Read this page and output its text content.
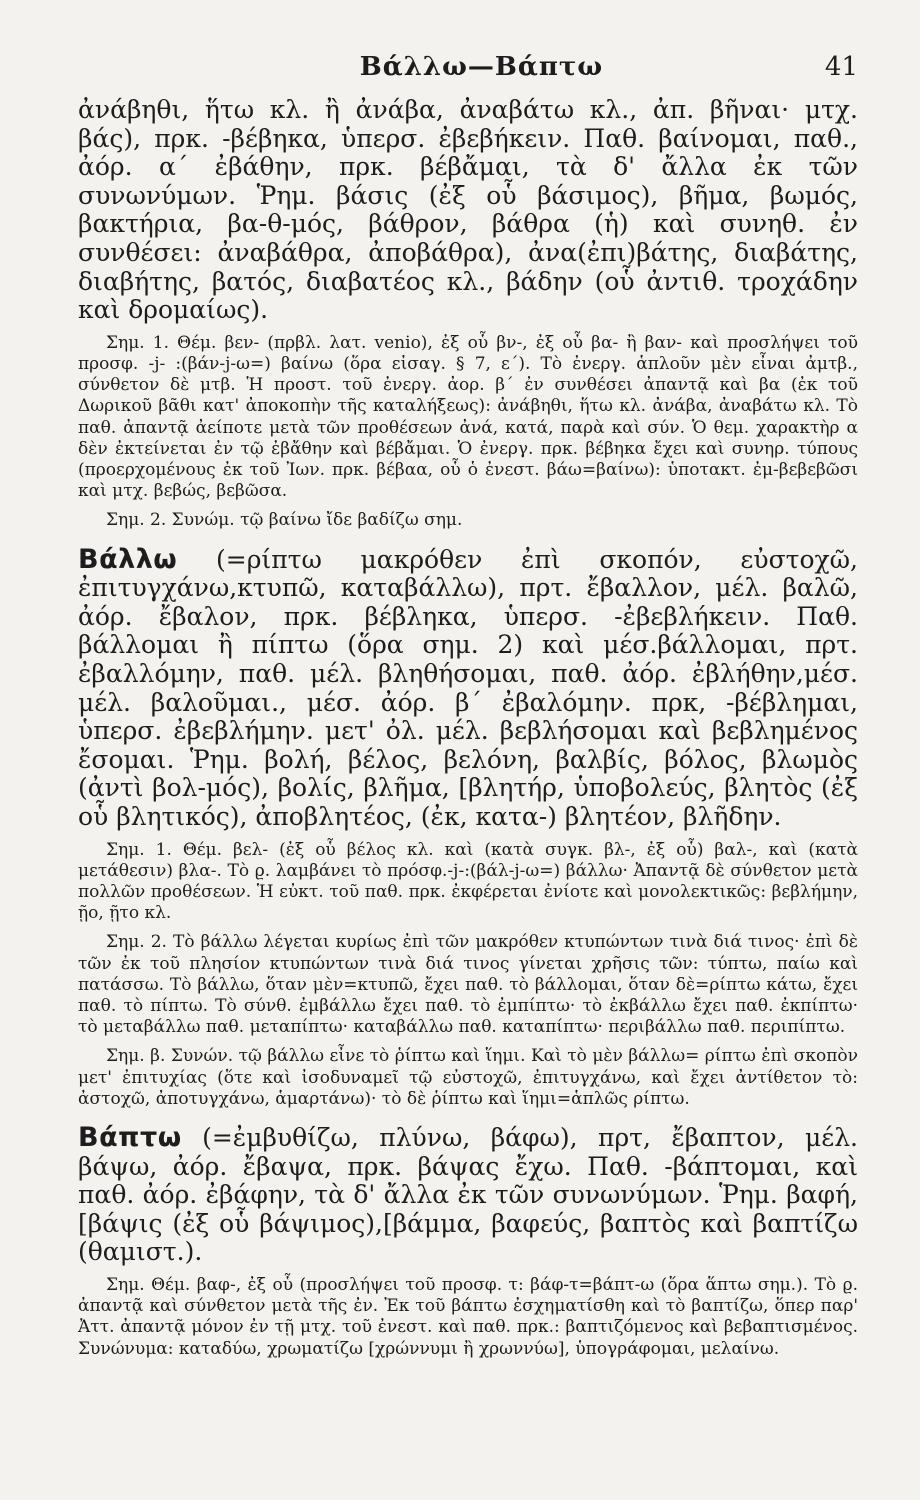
Βάλλω—Βάπτω	41

ἀνάβηθι, ἥτω κλ. ἢ ἀνάβα, ἀναβάτω κλ., ἀπ. βῆναι· μτχ. βάς), πρκ. -βέβηκα, ὑπερσ. ἐβεβήκειν. Παθ. βαίνομαι, παθ., ἀόρ. α΄ ἐβάθην, πρκ. βέβἄμαι, τὰ δ' ἄλλα ἐκ τῶν συνωνύμων. Ῥημ. βάσις (ἐξ οὗ βάσιμος), βῆμα, βωμός, βακτήρια, βα-θ-μός, βάθρον, βάθρα (ἡ) καὶ συνηθ. ἐν συνθέσει: ἀναβάθρα, ἀποβάθρα), ἀνα(ἐπι)βάτης, διαβάτης, διαβήτης, βατός, διαβατέος κλ., βάδην (οὗ ἀντιθ. τροχάδην καὶ δρομαίως).

Σημ. 1. Θέμ. βεν- (πρβλ. λατ. venio), ἐξ οὗ βν-, ἐξ οὗ βα- ἢ βαν- καὶ προσλήψει τοῦ προσφ. -j- :(βάν-j-ω=) βαίνω (ὅρα εἰσαγ. § 7, ε΄). Τὸ ἐνεργ. ἁπλοῦν μὲν εἶναι ἀμτβ., σύνθετον δὲ μτβ. Ἡ προστ. τοῦ ἐνεργ. ἀορ. β΄ ἐν συνθέσει ἀπαντᾷ καὶ βα (ἐκ τοῦ Δωρικοῦ βᾶθι κατ' ἀποκοπὴν τῆς καταλήξεως): ἀνάβηθι, ἥτω κλ. ἀνάβα, ἀναβάτω κλ. Τὸ παθ. ἀπαντᾷ ἀείποτε μετὰ τῶν προθέσεων ἀνά, κατά, παρὰ καὶ σύν. Ὁ θεμ. χαρακτὴρ α δὲν ἐκτείνεται ἐν τῷ ἐβἄθην καὶ βέβἄμαι. Ὁ ἐνεργ. πρκ. βέβηκα ἔχει καὶ συνηρ. τύπους (προερχομένους ἐκ τοῦ Ἰων. πρκ. βέβαα, οὗ ὁ ἐνεστ. βάω=βαίνω): ὑποτακτ. ἐμ-βεβεβῶσι καὶ μτχ. βεβώς, βεβῶσα.

Σημ. 2. Συνώμ. τῷ βαίνω ἴδε βαδίζω σημ.

Βάλλω (=ρίπτω μακρόθεν ἐπὶ σκοπόν, εὐστοχῶ, ἐπιτυγχάνω,κτυπῶ, καταβάλλω), πρτ. ἔβαλλον, μέλ. βαλῶ, ἀόρ. ἔβαλον, πρκ. βέβληκα, ὑπερσ. -ἐβεβλήκειν. Παθ. βάλλομαι ἢ πίπτω (ὅρα σημ. 2) καὶ μέσ.βάλλομαι, πρτ. ἐβαλλόμην, παθ. μέλ. βληθήσομαι, παθ. ἀόρ. ἐβλήθην,μέσ. μέλ. βαλοῦμαι., μέσ. ἀόρ. β΄ ἐβαλόμην. πρκ, -βέβλημαι, ὑπερσ. ἐβεβλήμην. μετ' ὀλ. μέλ. βεβλήσομαι καὶ βεβλημένος ἔσομαι. Ῥημ. βολή, βέλος, βελόνη, βαλβίς, βόλος, βλωμὸς (ἀντὶ βολ-μός), βολίς, βλῆμα, [βλητήρ, ὑποβολεύς, βλητὸς (ἐξ οὗ βλητικός), ἀποβλητέος, (ἐκ, κατα-) βλητέον, βλῆδην.

Σημ. 1. Θέμ. βελ- (ἐξ οὗ βέλος κλ. καὶ (κατὰ συγκ. βλ-, ἐξ οὗ) βαλ-, καὶ (κατὰ μετάθεσιν) βλα-. Τὸ ϱ. λαμβάνει τὸ πρόσφ.-j-:(βάλ-j-ω=) βάλλω· Ἀπαντᾷ δὲ σύνθετον μετὰ πολλῶν προθέσεων. Ἡ εὐκτ. τοῦ παθ. πρκ. ἐκφέρεται ἐνίοτε καὶ μονολεκτικῶς: βεβλήμην, ῇο, ῇτο κλ.

Σημ. 2. Τὸ βάλλω λέγεται κυρίως ἐπὶ τῶν μακρόθεν κτυπώντων τινὰ διά τινος· ἐπὶ δὲ τῶν ἐκ τοῦ πλησίον κτυπώντων τινὰ διά τινος γίνεται χρῆσις τῶν: τύπτω, παίω καὶ πατάσσω. Τὸ βάλλω, ὅταν μὲν=κτυπῶ, ἔχει παθ. τὸ βάλλομαι, ὅταν δὲ=ρίπτω κάτω, ἔχει παθ. τὸ πίπτω. Τὸ σύνθ. ἐμβάλλω ἔχει παθ. τὸ ἐμπίπτω· τὸ ἐκβάλλω ἔχει παθ. ἐκπίπτω· τὸ μεταβάλλω παθ. μεταπίπτω· καταβάλλω παθ. καταπίπτω· περιβάλλω παθ. περιπίπτω.

Σημ. β. Συνών. τῷ βάλλω εἶνε τὸ ῥίπτω καὶ ἵημι. Καὶ τὸ μὲν βάλλω= ρίπτω ἐπὶ σκοπὸν μετ' ἐπιτυχίας (ὅτε καὶ ἰσοδυναμεῖ τῷ εὐστοχῶ, ἐπιτυγχάνω, καὶ ἔχει ἀντίθετον τὸ: ἀστοχῶ, ἀποτυγχάνω, ἁμαρτάνω)· τὸ δὲ ῥίπτω καὶ ἵημι=ἁπλῶς ρίπτω.

Βάπτω (=ἐμβυθίζω, πλύνω, βάφω), πρτ, ἔβαπτον, μέλ. βάψω, ἀόρ. ἔβαψα, πρκ. βάψας ἔχω. Παθ. -βάπτομαι, καὶ παθ. ἀόρ. ἐβάφην, τὰ δ' ἄλλα ἐκ τῶν συνωνύμων. Ῥημ. βαφή,[βάψις (ἐξ οὗ βάψιμος),[βάμμα, βαφεύς, βαπτὸς καὶ βαπτίζω (θαμιστ.).

Σημ. Θέμ. βαφ-, ἐξ οὗ (προσλήψει τοῦ προσφ. τ: βάφ-τ=βάπτ-ω (ὅρα ἅπτω σημ.). Τὸ ϱ. ἀπαντᾷ καὶ σύνθετον μετὰ τῆς ἐν. Ἐκ τοῦ βάπτω ἐσχηματίσθη καὶ τὸ βαπτίζω, ὅπερ παρ' Ἀττ. ἀπαντᾷ μόνον ἐν τῇ μτχ. τοῦ ἐνεστ. καὶ παθ. πρκ.: βαπτιζόμενος καὶ βεβαπτισμένος. Συνώνυμα: καταδύω, χρωματίζω [χρώννυμι ἢ χρωννύω], ὑπογράφομαι, μελαίνω.
